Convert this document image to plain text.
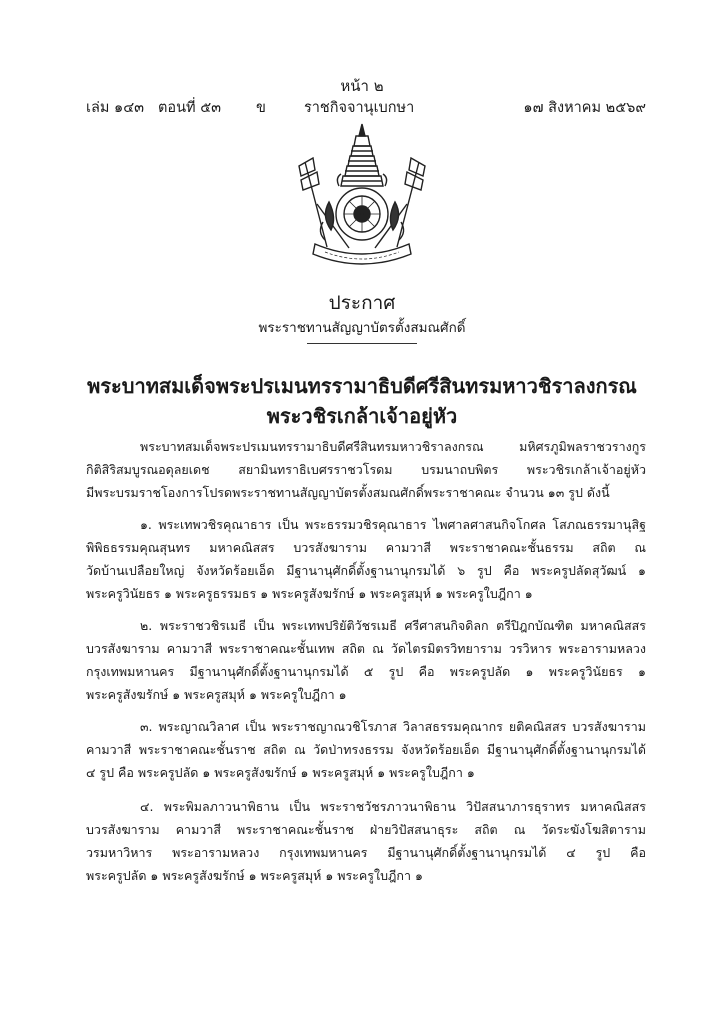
หน้า ๒
เล่ม ๑๔๓ ตอนที่ ๕๓ ข	ราชกิจจานุเบกษา	๑๗ สิงหาคม ๒๕๖๙
ประกาศ
พระราชทานสัญญาบัตรตั้งสมณศักดิ์
พระบาทสมเด็จพระปรเมนทรรามาธิบดีศรีสินทรมหาวชิราลงกรณ
พระวชิรเกล้าเจ้าอยู่หัว

พระบาทสมเด็จพระปรเมนทรรามาธิบดีศรีสินทรมหาวชิราลงกรณ มหิศรภูมิพลราชวรางกูร

กิติสิริสมบูรณอดุลยเดช สยามินทราธิเบศรราชวโรดม บรมนาถบพิตร พระวชิรเกล้าเจ้าอยู่หัว

มีพระบรมราชโองการโปรดพระราชทานสัญญาบัตรตั้งสมณศักดิ์พระราชาคณะ จำนวน ๑๓ รูป ดังนี้

๑. พระเทพวชิรคุณาธาร เป็น พระธรรมวชิรคุณาธาร ไพศาลศาสนกิจโกศล โสภณธรรมานุสิฐ

พิพิธธรรมคุณสุนทร มหาคณิสสร บวรสังฆาราม คามวาสี พระราชาคณะชั้นธรรม สถิต ณ

วัดบ้านเปลือยใหญ่ จังหวัดร้อยเอ็ด มีฐานานุศักดิ์ตั้งฐานานุกรมได้ ๖ รูป คือ พระครูปลัดสุวัฒน์ ๑

พระครูวินัยธร ๑ พระครูธรรมธร ๑ พระครูสังฆรักษ์ ๑ พระครูสมุห์ ๑ พระครูใบฎีกา ๑

๒. พระราชวชิรเมธี เป็น พระเทพปริยัติวัชรเมธี ศรีศาสนกิจดิลก ตรีปิฎกบัณฑิต มหาคณิสสร

บวรสังฆาราม คามวาสี พระราชาคณะชั้นเทพ สถิต ณ วัดไตรมิตรวิทยาราม วรวิหาร พระอารามหลวง

กรุงเทพมหานคร มีฐานานุศักดิ์ตั้งฐานานุกรมได้ ๕ รูป คือ พระครูปลัด ๑ พระครูวินัยธร ๑

พระครูสังฆรักษ์ ๑ พระครูสมุห์ ๑ พระครูใบฎีกา ๑

๓. พระญาณวิลาศ เป็น พระราชญาณวชิโรภาส วิลาสธรรมคุณากร ยติคณิสสร บวรสังฆาราม

คามวาสี พระราชาคณะชั้นราช สถิต ณ วัดป่าทรงธรรม จังหวัดร้อยเอ็ด มีฐานานุศักดิ์ตั้งฐานานุกรมได้

๔ รูป คือ พระครูปลัด ๑ พระครูสังฆรักษ์ ๑ พระครูสมุห์ ๑ พระครูใบฎีกา ๑

๔. พระพิมลภาวนาพิธาน เป็น พระราชวัชรภาวนาพิธาน วิปัสสนาภารธุราทร มหาคณิสสร

บวรสังฆาราม คามวาสี พระราชาคณะชั้นราช ฝ่ายวิปัสสนาธุระ สถิต ณ วัดระฆังโฆสิตาราม

วรมหาวิหาร พระอารามหลวง กรุงเทพมหานคร มีฐานานุศักดิ์ตั้งฐานานุกรมได้ ๔ รูป คือ

พระครูปลัด ๑ พระครูสังฆรักษ์ ๑ พระครูสมุห์ ๑ พระครูใบฎีกา ๑
